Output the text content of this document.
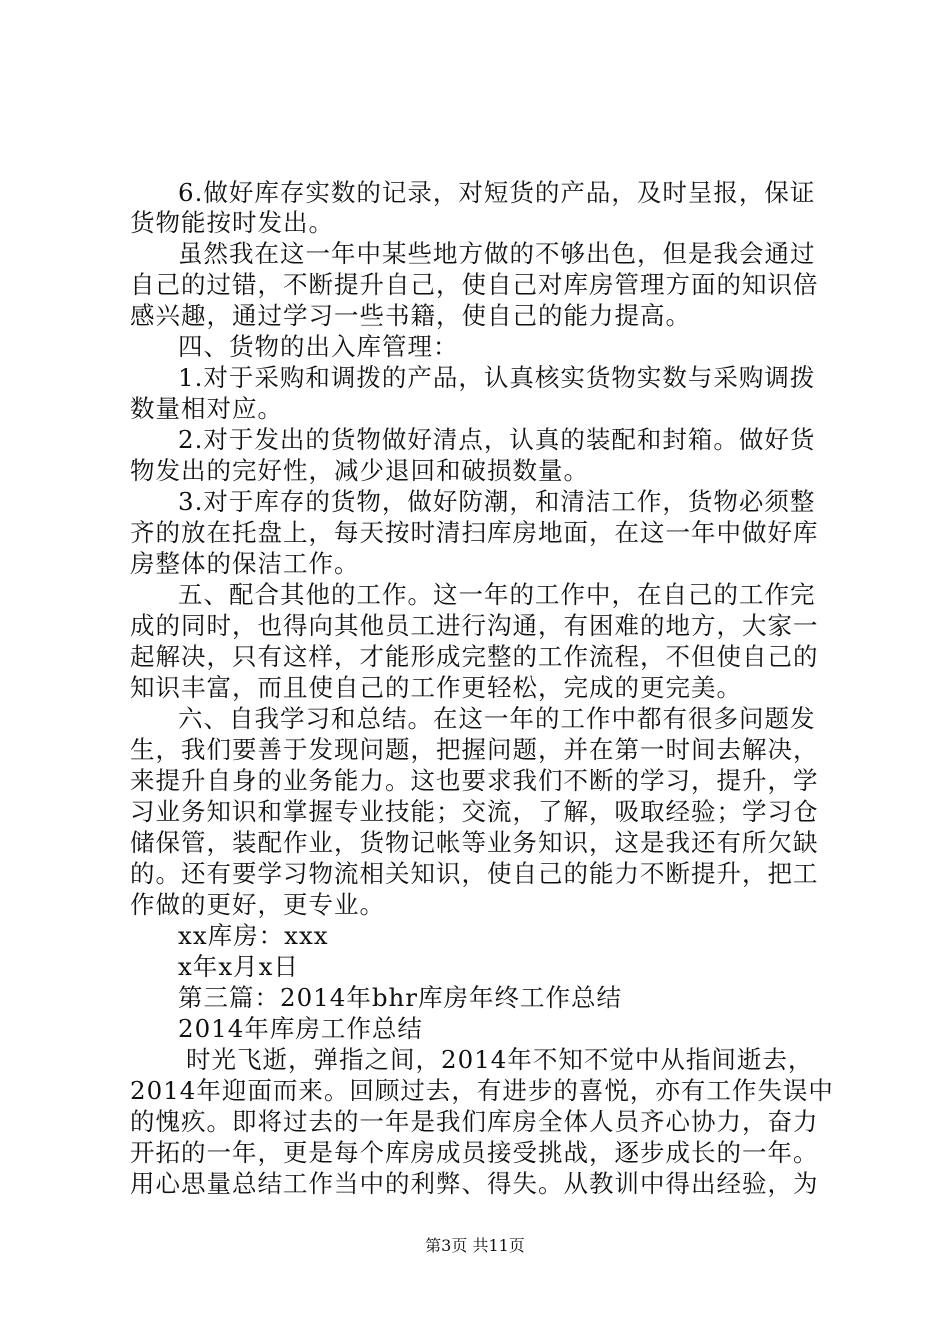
6.做好库存实数的记录，对短货的产品，及时呈报，保证
货物能按时发出。
虽然我在这一年中某些地方做的不够出色，但是我会通过
自己的过错，不断提升自己，使自己对库房管理方面的知识倍
感兴趣，通过学习一些书籍，使自己的能力提高。
四、货物的出入库管理：
1.对于采购和调拨的产品，认真核实货物实数与采购调拨
数量相对应。
2.对于发出的货物做好清点，认真的装配和封箱。做好货
物发出的完好性，减少退回和破损数量。
3.对于库存的货物，做好防潮，和清洁工作，货物必须整
齐的放在托盘上，每天按时清扫库房地面，在这一年中做好库
房整体的保洁工作。
五、配合其他的工作。这一年的工作中，在自己的工作完
成的同时，也得向其他员工进行沟通，有困难的地方，大家一
起解决，只有这样，才能形成完整的工作流程，不但使自己的
知识丰富，而且使自己的工作更轻松，完成的更完美。
六、自我学习和总结。在这一年的工作中都有很多问题发
生，我们要善于发现问题，把握问题，并在第一时间去解决，
来提升自身的业务能力。这也要求我们不断的学习，提升，学
习业务知识和掌握专业技能；交流，了解，吸取经验；学习仓
储保管，装配作业，货物记帐等业务知识，这是我还有所欠缺
的。还有要学习物流相关知识，使自己的能力不断提升，把工
作做的更好，更专业。
xx库房：xxx
x年x月x日
第三篇：2014年bhr库房年终工作总结
2014年库房工作总结
时光飞逝，弹指之间，2014年不知不觉中从指间逝去，
2014年迎面而来。回顾过去，有进步的喜悦，亦有工作失误中
的愧疚。即将过去的一年是我们库房全体人员齐心协力，奋力
开拓的一年，更是每个库房成员接受挑战，逐步成长的一年。
用心思量总结工作当中的利弊、得失。从教训中得出经验，为
第3页 共11页
